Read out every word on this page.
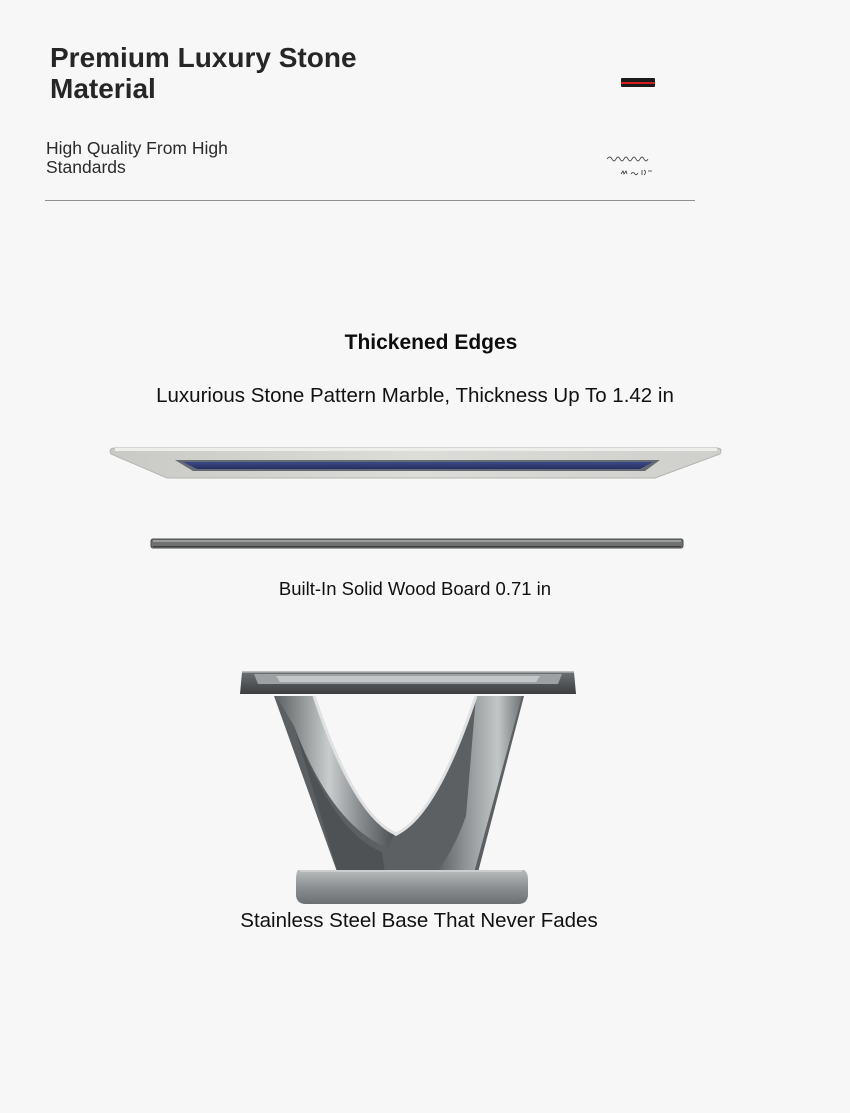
Premium Luxury Stone Material

High Quality From High Standards

Thickened Edges
Luxurious Stone Pattern Marble, Thickness Up To 1.42 in
Built-In Solid Wood Board 0.71 in
Stainless Steel Base That Never Fades
